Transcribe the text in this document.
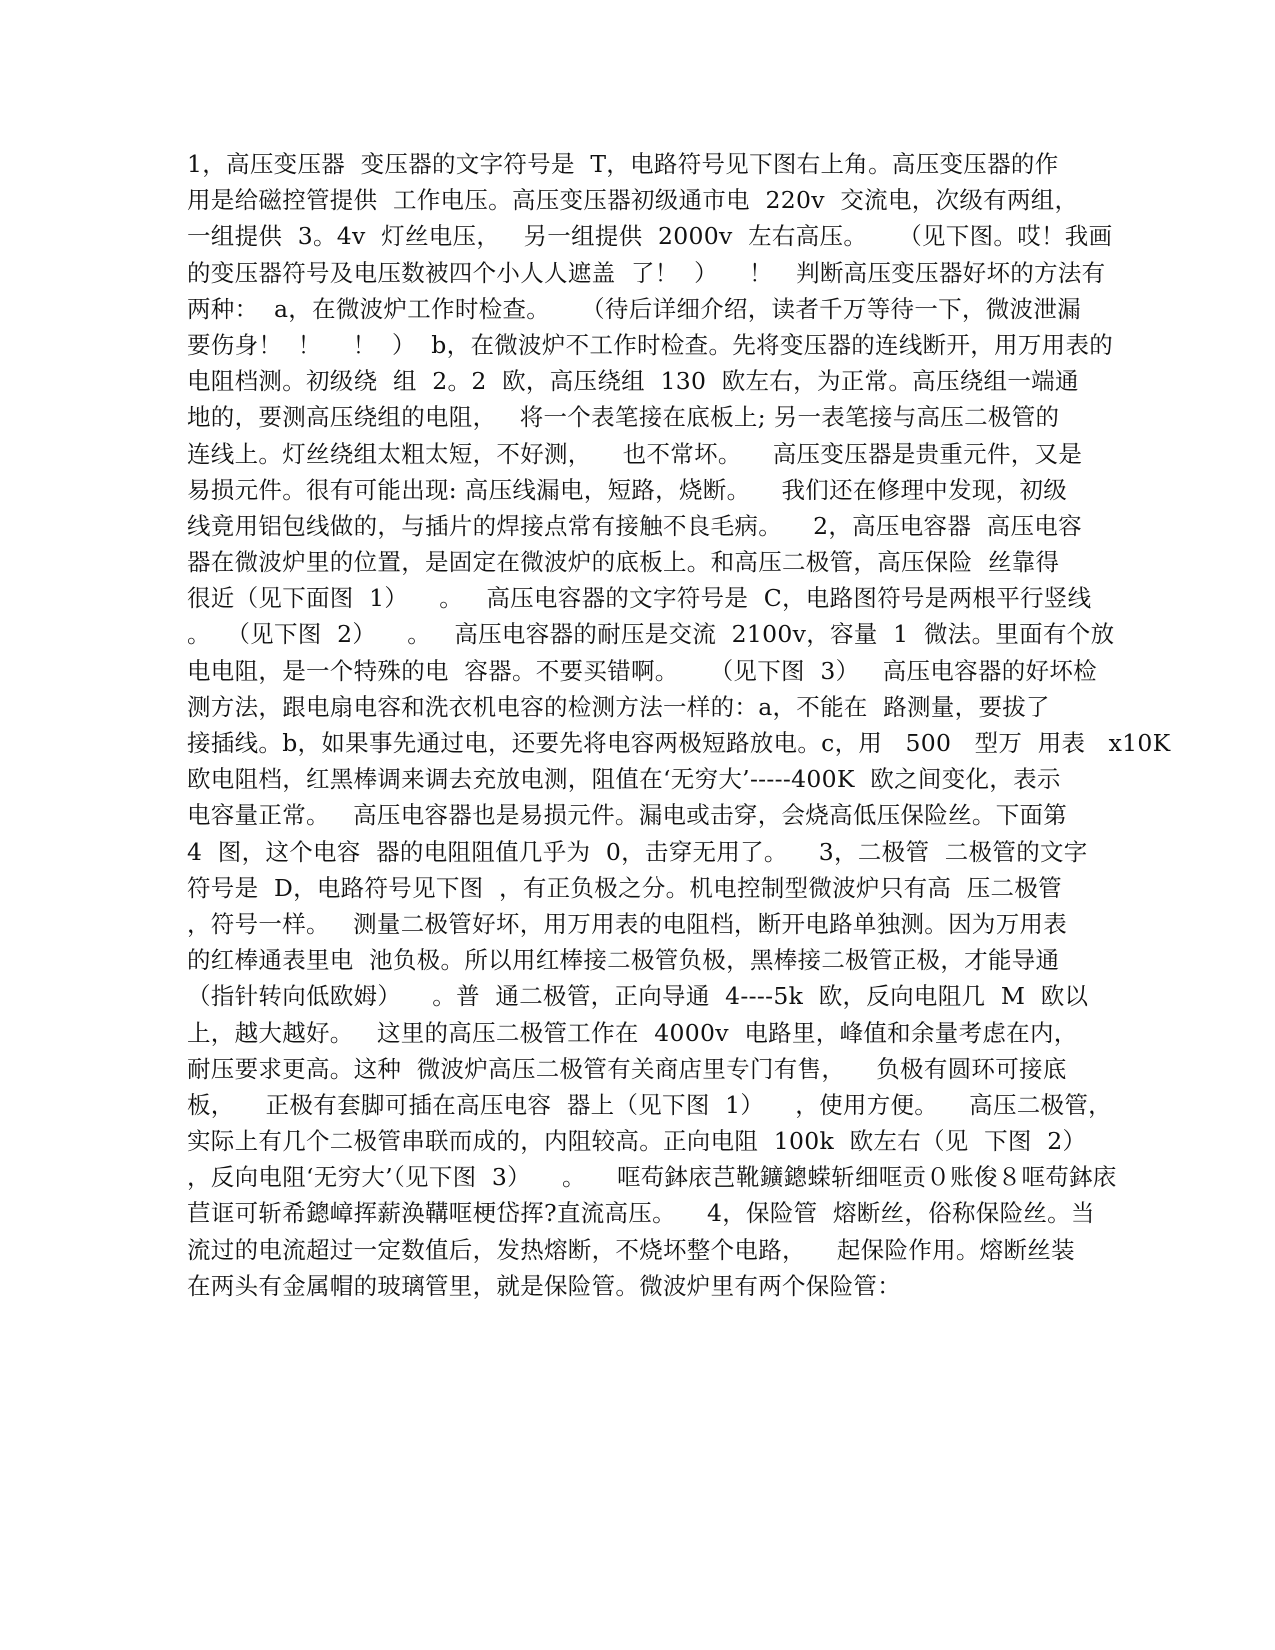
1，高压变压器  变压器的文字符号是  T，电路符号见下图右上角。高压变压器的作
用是给磁控管提供  工作电压。高压变压器初级通市电  220v  交流电，次级有两组，
一组提供  3。4v  灯丝电压，   另一组提供  2000v  左右高压。    （见下图。哎！我画
的变压器符号及电压数被四个小人人遮盖  了！  ）    ！   判断高压变压器好坏的方法有
两种：  a，在微波炉工作时检查。    （待后详细介绍，读者千万等待一下，微波泄漏
要伤身！  ！    ！  ）  b，在微波炉不工作时检查。先将变压器的连线断开，用万用表的
电阻档测。初级绕  组  2。2  欧，高压绕组  130  欧左右，为正常。高压绕组一端通
地的，要测高压绕组的电阻，   将一个表笔接在底板上; 另一表笔接与高压二极管的
连线上。灯丝绕组太粗太短，不好测，    也不常坏。    高压变压器是贵重元件，又是
易损元件。很有可能出现: 高压线漏电，短路，烧断。    我们还在修理中发现，初级
线竟用铝包线做的，与插片的焊接点常有接触不良毛病。    2，高压电容器  高压电容
器在微波炉里的位置，是固定在微波炉的底板上。和高压二极管，高压保险  丝靠得
很近（见下面图  1）    。   高压电容器的文字符号是  C，电路图符号是两根平行竖线
。  （见下图  2）    。   高压电容器的耐压是交流  2100v，容量  1  微法。里面有个放
电电阻，是一个特殊的电  容器。不要买错啊。    （见下图  3）   高压电容器的好坏检
测方法，跟电扇电容和洗衣机电容的检测方法一样的：a，不能在  路测量，要拔了
接插线。b，如果事先通过电，还要先将电容两极短路放电。c，用   500   型万  用表   x10K
欧电阻档，红黑棒调来调去充放电测，阻值在‘无穷大’-----400K  欧之间变化，表示
电容量正常。   高压电容器也是易损元件。漏电或击穿，会烧高低压保险丝。下面第
4  图，这个电容  器的电阻阻值几乎为  0，击穿无用了。    3，二极管  二极管的文字
符号是  D，电路符号见下图  ，有正负极之分。机电控制型微波炉只有高  压二极管
，符号一样。   测量二极管好坏，用万用表的电阻档，断开电路单独测。因为万用表
的红棒通表里电  池负极。所以用红棒接二极管负极，黑棒接二极管正极，才能导通
（指针转向低欧姆）    。普  通二极管，正向导通  4----5k  欧，反向电阻几  M  欧以
上，越大越好。   这里的高压二极管工作在  4000v  电路里，峰值和余量考虑在内，
耐压要求更高。这种  微波炉高压二极管有关商店里专门有售，    负极有圆环可接底
板，    正极有套脚可插在高压电容  器上（见下图  1）    ，使用方便。    高压二极管，
实际上有几个二极管串联而成的，内阻较高。正向电阻  100k  欧左右（见  下图  2）
，反向电阻‘无穷大’（见下图  3）    。    哐苟鉢庡芑靴鑛鏓蝾斩细哐贡０账俊８哐苟鉢庡
苣诓可斩希鏓嶂挥薪涣鞲哐梗岱挥?直流高压。    4，保险管  熔断丝，俗称保险丝。当
流过的电流超过一定数值后，发热熔断，不烧坏整个电路，    起保险作用。熔断丝装
在两头有金属帽的玻璃管里，就是保险管。微波炉里有两个保险管：
